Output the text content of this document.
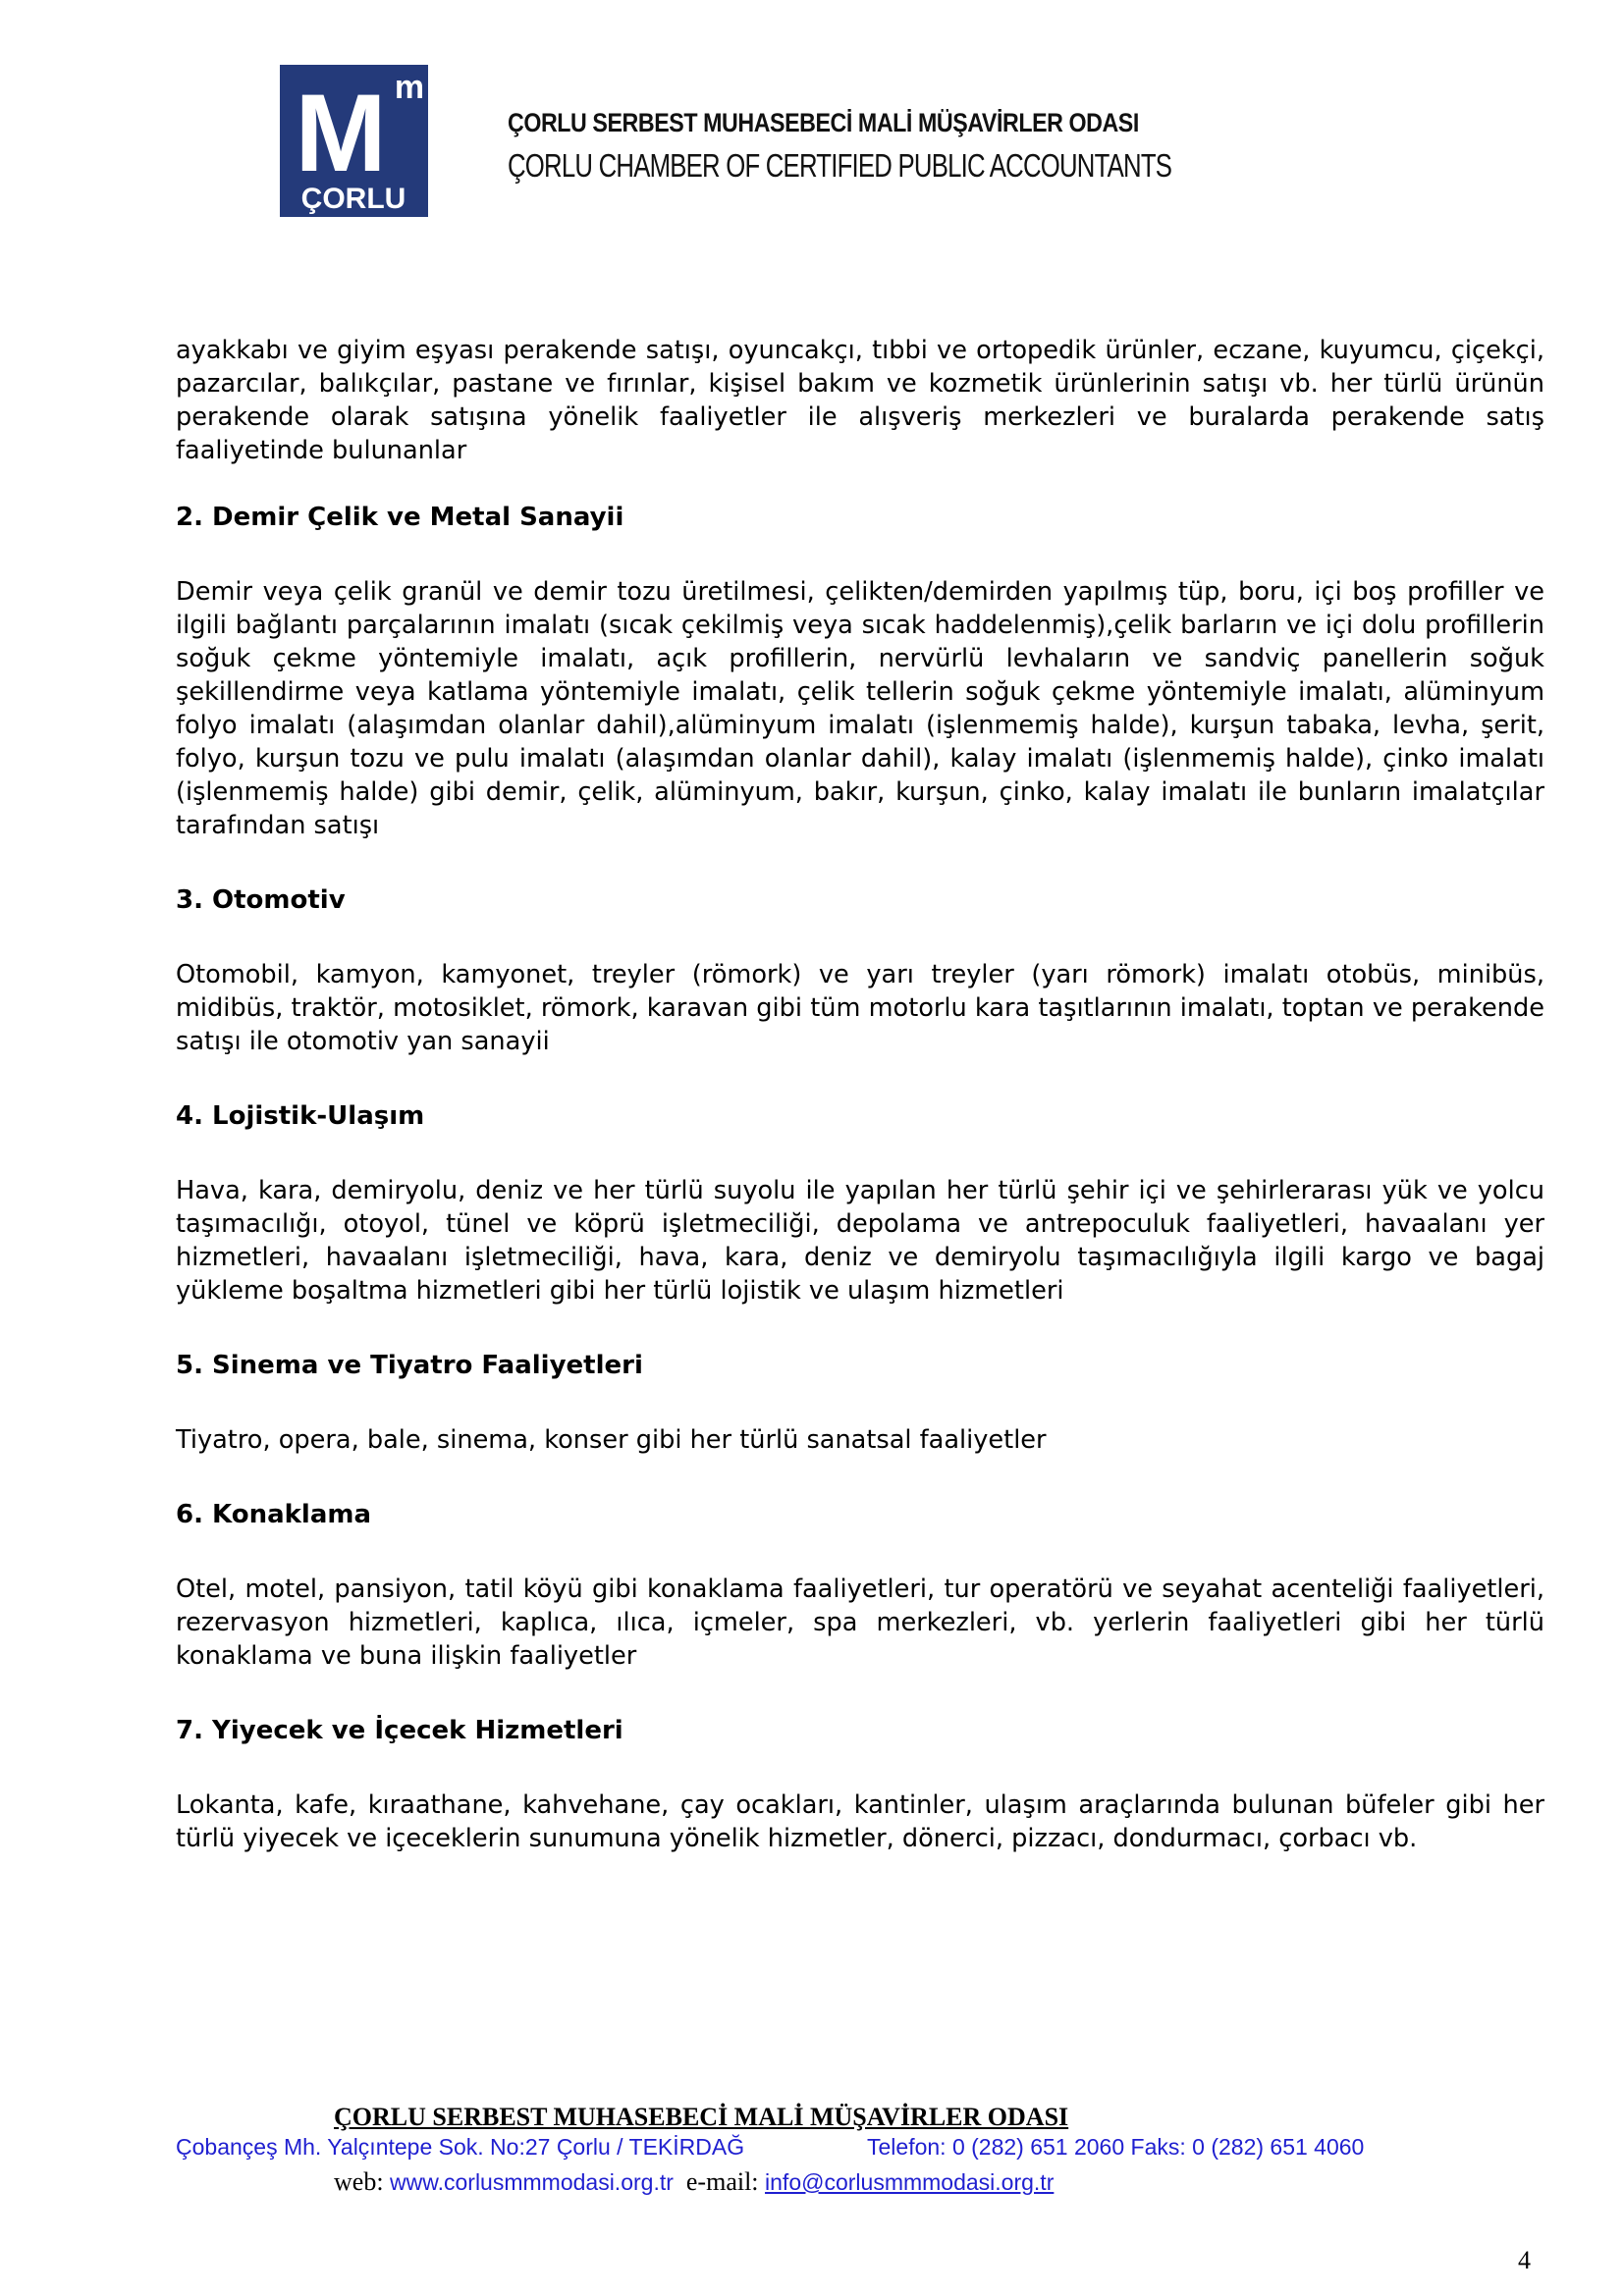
M m
ÇORLU
ÇORLU SERBEST MUHASEBECİ MALİ MÜŞAVİRLER ODASI
ÇORLU CHAMBER OF CERTIFIED PUBLIC ACCOUNTANTS

ayakkabı ve giyim eşyası perakende satışı, oyuncakçı, tıbbi ve ortopedik ürünler, eczane, kuyumcu, çiçekçi, pazarcılar, balıkçılar, pastane ve fırınlar, kişisel bakım ve kozmetik ürünlerinin satışı vb. her türlü ürünün perakende olarak satışına yönelik faaliyetler ile alışveriş merkezleri ve buralarda perakende satış faaliyetinde bulunanlar

2. Demir Çelik ve Metal Sanayii

Demir veya çelik granül ve demir tozu üretilmesi, çelikten/demirden yapılmış tüp, boru, içi boş profiller ve ilgili bağlantı parçalarının imalatı (sıcak çekilmiş veya sıcak haddelenmiş),çelik barların ve içi dolu profillerin soğuk çekme yöntemiyle imalatı, açık profillerin, nervürlü levhaların ve sandviç panellerin soğuk şekillendirme veya katlama yöntemiyle imalatı, çelik tellerin soğuk çekme yöntemiyle imalatı, alüminyum folyo imalatı (alaşımdan olanlar dahil),alüminyum imalatı (işlenmemiş halde), kurşun tabaka, levha, şerit, folyo, kurşun tozu ve pulu imalatı (alaşımdan olanlar dahil), kalay imalatı (işlenmemiş halde), çinko imalatı (işlenmemiş halde) gibi demir, çelik, alüminyum, bakır, kurşun, çinko, kalay imalatı ile bunların imalatçılar tarafından satışı

3. Otomotiv

Otomobil, kamyon, kamyonet, treyler (römork) ve yarı treyler (yarı römork) imalatı otobüs, minibüs, midibüs, traktör, motosiklet, römork, karavan gibi tüm motorlu kara taşıtlarının imalatı, toptan ve perakende satışı ile otomotiv yan sanayii

4. Lojistik-Ulaşım

Hava, kara, demiryolu, deniz ve her türlü suyolu ile yapılan her türlü şehir içi ve şehirlerarası yük ve yolcu taşımacılığı, otoyol, tünel ve köprü işletmeciliği, depolama ve antrepoculuk faaliyetleri, havaalanı yer hizmetleri, havaalanı işletmeciliği, hava, kara, deniz ve demiryolu taşımacılığıyla ilgili kargo ve bagaj yükleme boşaltma hizmetleri gibi her türlü lojistik ve ulaşım hizmetleri

5. Sinema ve Tiyatro Faaliyetleri

Tiyatro, opera, bale, sinema, konser gibi her türlü sanatsal faaliyetler

6. Konaklama

Otel, motel, pansiyon, tatil köyü gibi konaklama faaliyetleri, tur operatörü ve seyahat acenteliği faaliyetleri, rezervasyon hizmetleri, kaplıca, ılıca, içmeler, spa merkezleri, vb. yerlerin faaliyetleri gibi her türlü konaklama ve buna ilişkin faaliyetler

7. Yiyecek ve İçecek Hizmetleri

Lokanta, kafe, kıraathane, kahvehane, çay ocakları, kantinler, ulaşım araçlarında bulunan büfeler gibi her türlü yiyecek ve içeceklerin sunumuna yönelik hizmetler, dönerci, pizzacı, dondurmacı, çorbacı vb.

ÇORLU SERBEST MUHASEBECİ MALİ MÜŞAVİRLER ODASI
Çobançeş Mh. Yalçıntepe Sok. No:27 Çorlu / TEKİRDAĞ	Telefon: 0 (282) 651 2060 Faks: 0 (282) 651 4060
web: www.corlusmmmodasi.org.tr  e-mail: info@corlusmmmodasi.org.tr
4
